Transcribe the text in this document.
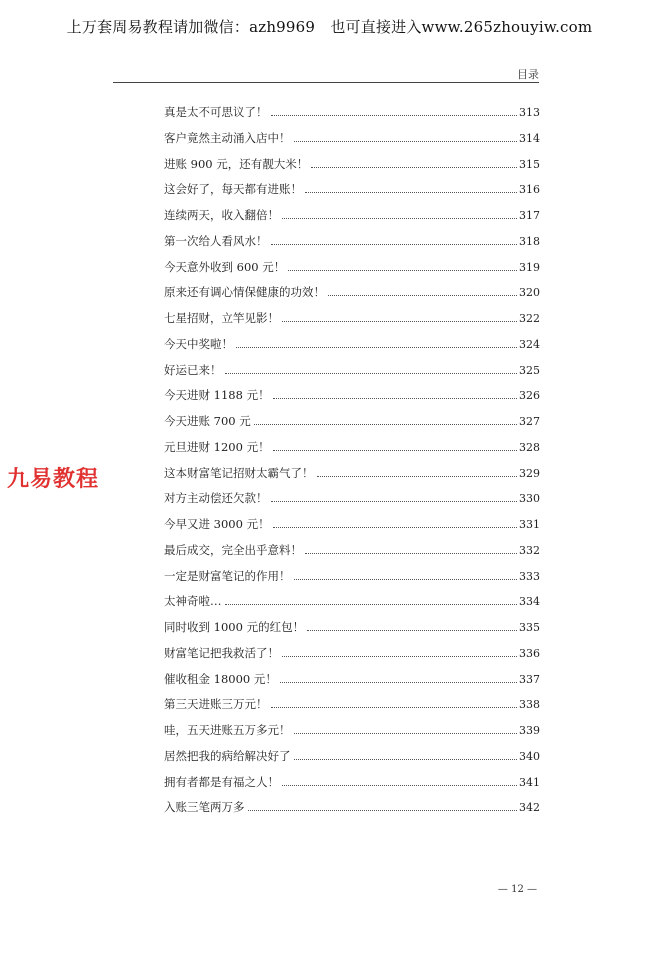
上万套周易教程请加微信：azh9969　也可直接进入www.265zhouyiw.com
目录
真是太不可思议了！	313
客户竟然主动涌入店中！	314
进账 900 元，还有靓大米！	315
这会好了，每天都有进账！	316
连续两天，收入翻倍！	317
第一次给人看风水！	318
今天意外收到 600 元！	319
原来还有调心情保健康的功效！	320
七星招财，立竿见影！	322
今天中奖啦！	324
好运已来！	325
今天进财 1188 元！	326
今天进账 700 元	327
元旦进财 1200 元！	328
这本财富笔记招财太霸气了！	329
对方主动偿还欠款！	330
今早又进 3000 元！	331
最后成交，完全出乎意料！	332
一定是财富笔记的作用！	333
太神奇啦…	334
同时收到 1000 元的红包！	335
财富笔记把我救活了！	336
催收租金 18000 元！	337
第三天进账三万元！	338
哇，五天进账五万多元！	339
居然把我的病给解决好了	340
拥有者都是有福之人！	341
入账三笔两万多	342
九易教程
— 12 —
